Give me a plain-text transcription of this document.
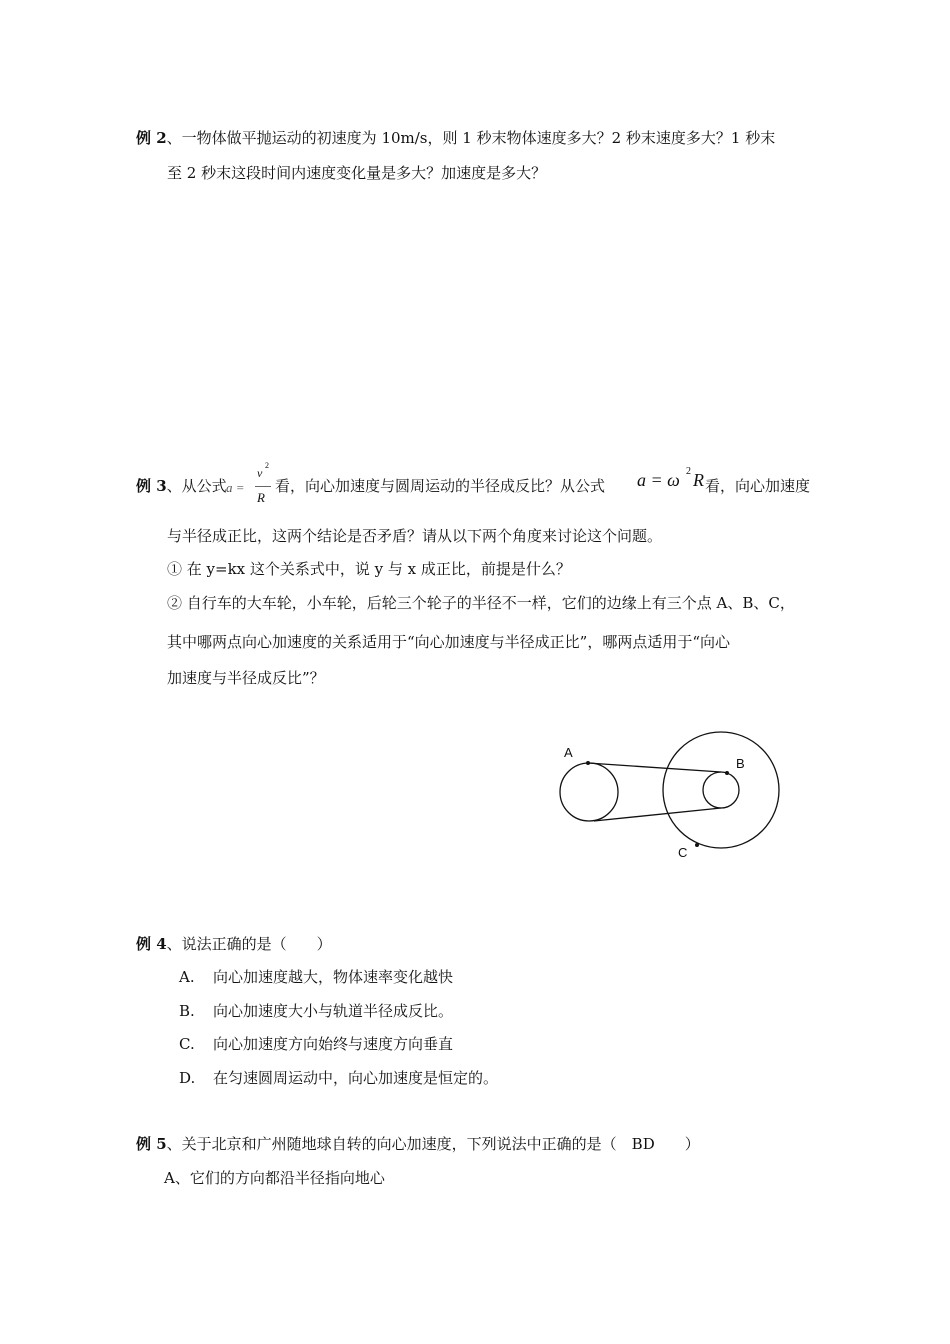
例 2、一物体做平抛运动的初速度为 10m/s，则 1 秒末物体速度多大？2 秒末速度多大？1 秒末
至 2 秒末这段时间内速度变化量是多大？加速度是多大？
例 3、从公式 a =
v
2
R
看，向心加速度与圆周运动的半径成反比？从公式 a = ω 2 R 看，向心加速度
与半径成正比，这两个结论是否矛盾？请从以下两个角度来讨论这个问题。
① 在 y=kx 这个关系式中，说 y 与 x 成正比，前提是什么？
② 自行车的大车轮，小车轮，后轮三个轮子的半径不一样，它们的边缘上有三个点 A、B、C，
其中哪两点向心加速度的关系适用于“向心加速度与半径成正比”，哪两点适用于“向心
加速度与半径成反比”？
A
B
C
例 4、说法正确的是（　　）
A. 向心加速度越大，物体速率变化越快
B. 向心加速度大小与轨道半径成反比。
C. 向心加速度方向始终与速度方向垂直
D. 在匀速圆周运动中，向心加速度是恒定的。
例 5、关于北京和广州随地球自转的向心加速度，下列说法中正确的是（　BD　　）
A、它们的方向都沿半径指向地心
